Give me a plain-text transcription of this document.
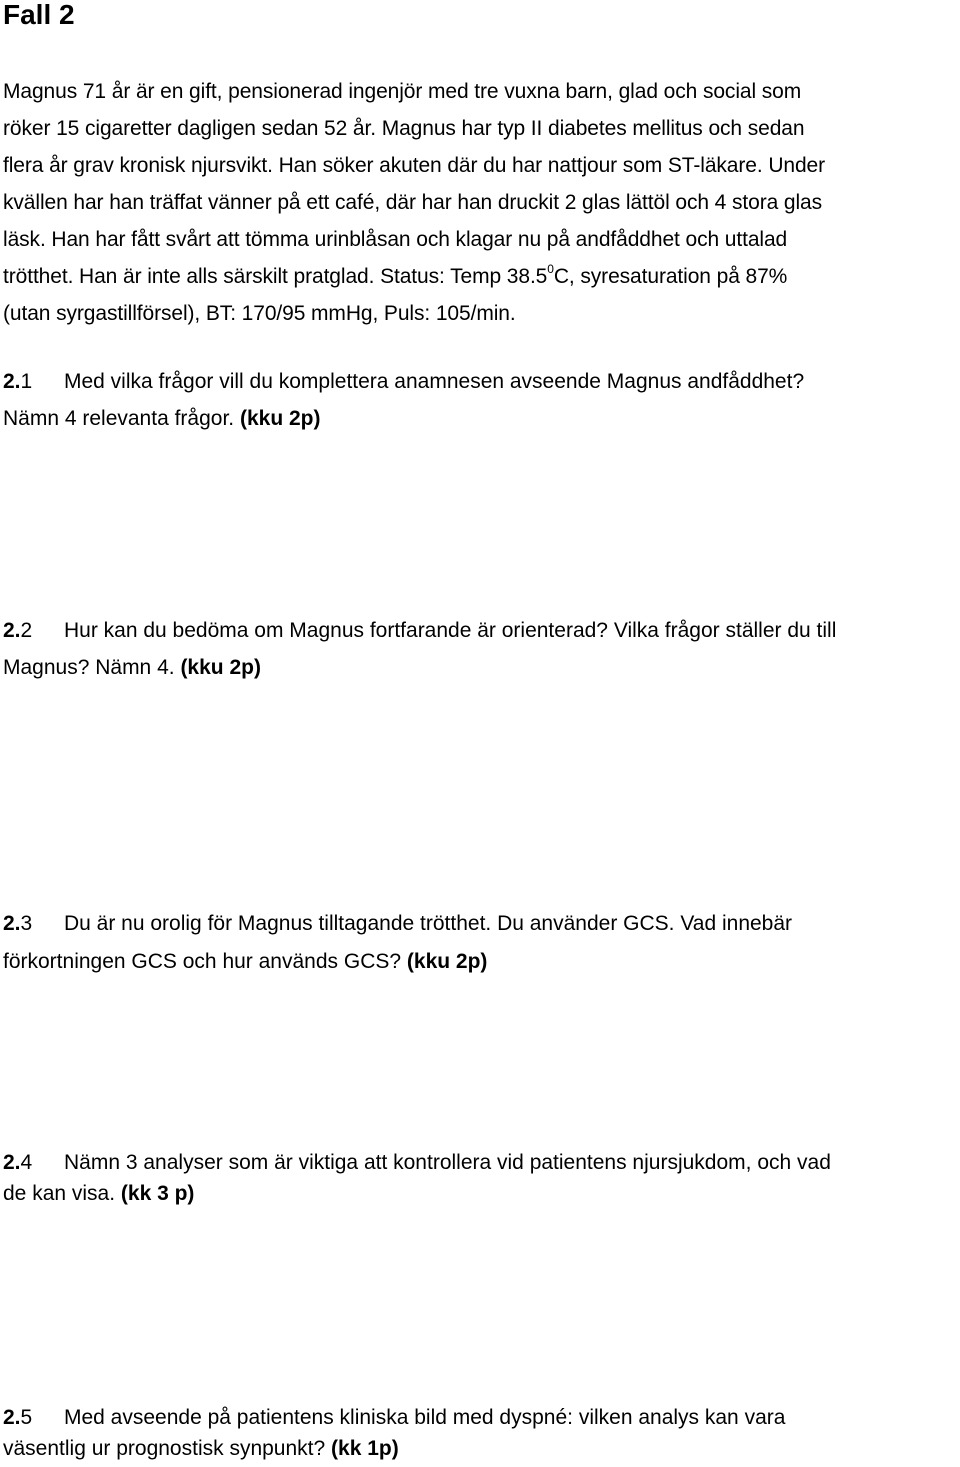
Fall 2
Magnus 71 år är en gift, pensionerad ingenjör med tre vuxna barn, glad och social som
röker 15 cigaretter dagligen sedan 52 år. Magnus har typ II diabetes mellitus och sedan
flera år grav kronisk njursvikt. Han söker akuten där du har nattjour som ST-läkare. Under
kvällen har han träffat vänner på ett café, där har han druckit 2 glas lättöl och 4 stora glas
läsk. Han har fått svårt att tömma urinblåsan och klagar nu på andfåddhet och uttalad
trötthet. Han är inte alls särskilt pratglad. Status: Temp 38.5$^0$C, syresaturation på 87%
(utan syrgastillförsel), BT: 170/95 mmHg, Puls: 105/min.
2.1 Med vilka frågor vill du komplettera anamnesen avseende Magnus andfåddhet?
Nämn 4 relevanta frågor. (kku 2p)
2.2 Hur kan du bedöma om Magnus fortfarande är orienterad? Vilka frågor ställer du till
Magnus? Nämn 4. (kku 2p)
2.3 Du är nu orolig för Magnus tilltagande trötthet. Du använder GCS. Vad innebär
förkortningen GCS och hur används GCS? (kku 2p)
2.4 Nämn 3 analyser som är viktiga att kontrollera vid patientens njursjukdom, och vad
de kan visa. (kk 3 p)
2.5 Med avseende på patientens kliniska bild med dyspné: vilken analys kan vara
väsentlig ur prognostisk synpunkt? (kk 1p)
